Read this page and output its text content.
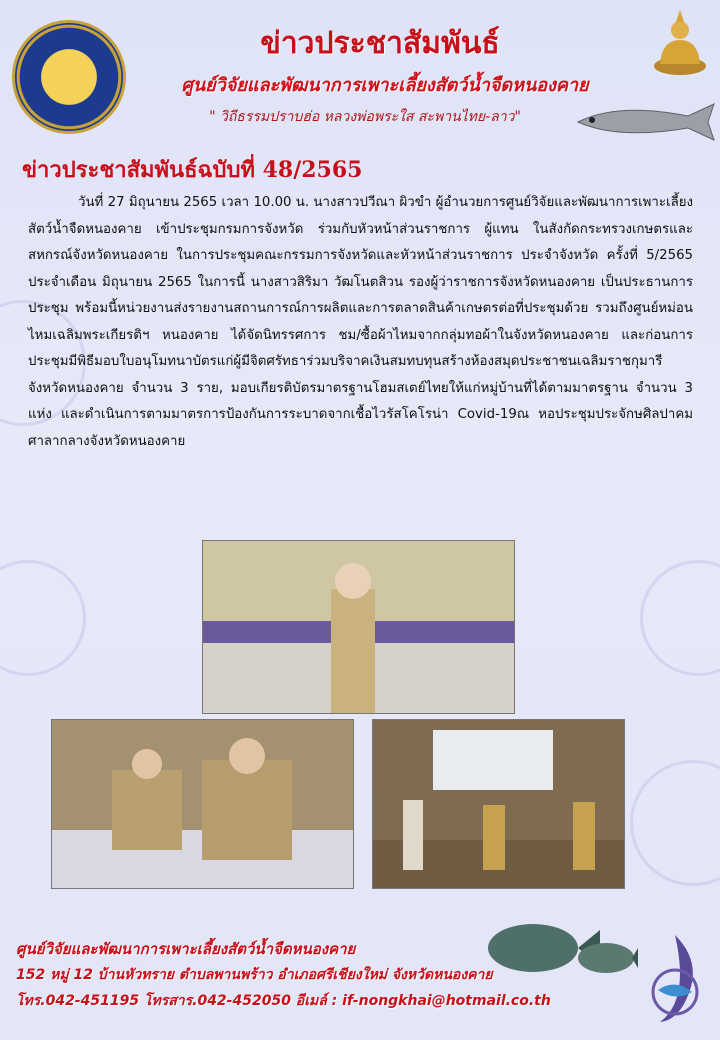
ข่าวประชาสัมพันธ์
ศูนย์วิจัยและพัฒนาการเพาะเลี้ยงสัตว์น้ำจืดหนองคาย
" วิถีธรรมปราบฮ่อ หลวงพ่อพระใส สะพานไทย-ลาว"
ข่าวประชาสัมพันธ์ฉบับที่ 48/2565
วันที่ 27 มิถุนายน 2565 เวลา 10.00 น. นางสาวปวีณา ผิวขำ ผู้อำนวยการศูนย์วิจัยและพัฒนาการเพาะเลี้ยงสัตว์น้ำจืดหนองคาย เข้าประชุมกรมการจังหวัด ร่วมกับหัวหน้าส่วนราชการ ผู้แทน ในสังกัดกระทรวงเกษตรและสหกรณ์จังหวัดหนองคาย ในการประชุมคณะกรรมการจังหวัดและหัวหน้าส่วนราชการ ประจำจังหวัด ครั้งที่ 5/2565 ประจำเดือน มิถุนายน 2565 ในการนี้ นางสาวสิริมา วัฒโนตสิวน รองผู้ว่าราชการจังหวัดหนองคาย เป็นประธานการประชุม พร้อมนี้หน่วยงานส่งรายงานสถานการณ์การผลิตและการตลาดสินค้าเกษตรต่อที่ประชุมด้วย รวมถึงศูนย์หม่อนไหมเฉลิมพระเกียรติฯ หนองคาย ได้จัดนิทรรศการ ชม/ซื้อผ้าไหมจากกลุ่มทอผ้าในจังหวัดหนองคาย และก่อนการประชุมมีพิธีมอบใบอนุโมทนาบัตรแก่ผู้มีจิตศรัทธาร่วมบริจาคเงินสมทบทุนสร้างห้องสมุดประชาชนเฉลิมราชกุมารีจังหวัดหนองคาย จำนวน 3 ราย, มอบเกียรติบัตรมาตรฐานโฮมสเตย์ไทยให้แก่หมู่บ้านที่ได้ตามมาตรฐาน จำนวน 3 แห่ง และดำเนินการตามมาตรการป้องกันการระบาดจากเชื้อไวรัสโคโรน่า Covid-19ณ หอประชุมประจักษศิลปาคม ศาลากลางจังหวัดหนองคาย
ศูนย์วิจัยและพัฒนาการเพาะเลี้ยงสัตว์น้ำจืดหนองคาย
152 หมู่ 12 บ้านหัวทราย ตำบลพานพร้าว อำเภอศรีเชียงใหม่ จังหวัดหนองคาย
โทร.042-451195 โทรสาร.042-452050 อีเมล์ : if-nongkhai@hotmail.co.th
